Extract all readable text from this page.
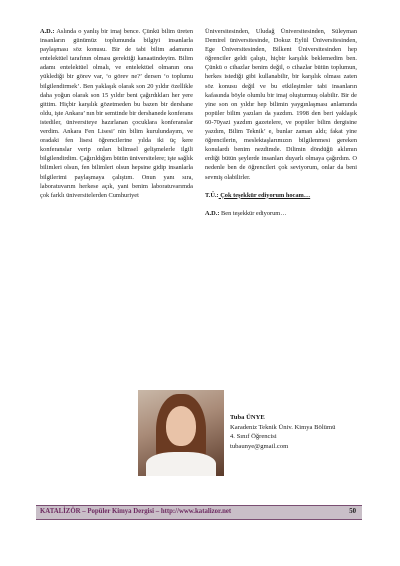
A.D.: Aslında o yanlış bir imaj bence. Çünkü bilim üreten insanların günümüz toplumunda bilgiyi insanlarla paylaşması söz konusu. Bir de tabi bilim adamının entelektüel tarafının olması gerektiği kanaatindeyim. Bilim adamı entelektüel olmalı, ve entelektüel olmanın ona yüklediği bir görev var, ‘o görev ne?’ dersen ‘o toplumu bilgilendirmek’. Ben yaklaşık olarak son 20 yıldır özellikle daha yoğun olarak son 15 yıldır beni çağırdıkları her yere gittim. Hiçbir karşılık gözetmeden bu bazen bir dershane oldu, işte Ankara’ nın bir semtinde bir dershanede konferans istediler, üniversiteye hazırlanan çocuklara konferanslar verdim. Ankara Fen Lisesi’ nin bilim kurulundayım, ve oradaki fen lisesi öğrencilerine yılda iki üç kere konferanslar verip onları bilimsel gelişmelerle ilgili bilgilendirdim. Çağırıldığım bütün üniversitelere; işte sağlık bilimleri olsun, fen bilimleri olsun hepsine gidip insanlarla bilgilerimi paylaşmaya çalıştım. Onun yanı sıra, laboratuvarım herkese açık, yani benim laboratuvarımda çok farklı üniversitelerden Cumhuriyet

Üniversitesinden, Uludağ Üniversitesinden, Süleyman Demirel üniversitesinde, Dokuz Eylül Üniversitesinden, Ege Üniversitesinden, Bilkent Üniversitesinden hep öğrenciler geldi çalıştı, hiçbir karşılık beklemedim ben. Çünkü o cihazlar benim değil, o cihazlar bütün toplumun, herkes istediği gibi kullanabilir, bir karşılık olması zaten söz konusu değil ve bu etkileşimler tabi insanların kafasında böyle olumlu bir imaj oluşturmuş olabilir. Bir de yine son on yıldır hep bilimin yaygınlaşması anlamında popüler bilim yazıları da yazdım. 1998 den beri yaklaşık 60-70yazi yazdım gazetelere, ve popüler bilim dergisine yazdım, Bilim Teknik’ e, bunlar zaman aldı; fakat yine öğrencilerin, meslektaşlarımızın bilgilenmesi gereken konulardı benim nezdimde. Dilimin döndüğü aklımın erdiği bütün şeylerde insanları duyarlı olmaya çağırdım. O nedenle ben de öğrencileri çok seviyorum, onlar da beni sevmiş olabilirler.

T.Ü.: Çok teşekkür ediyorum hocam…

A.D.: Ben teşekkür ediyorum…

Tuba ÜNYE
Karadeniz Teknik Üniv. Kimya Bölümü
4. Sınıf Öğrencisi
tubaunye@gmail.com
KATALİZÖR – Popüler Kimya Dergisi – http://www.katalizor.net	50
